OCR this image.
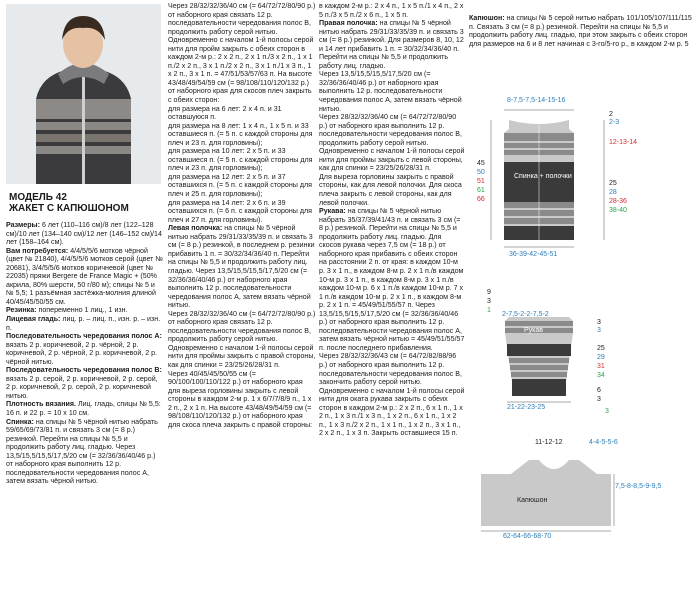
МОДЕЛЬ 42
ЖАКЕТ С КАПЮШОНОМ

Размеры: 6 лет (110–116 см)/8 лет (122–128 см)/10 лет (134–140 см)/12 лет (146–152 см)/14 лет (158–164 см).

Вам потребуется: 4/4/5/5/6 мотков чёрной (цвет № 21840), 4/4/5/5/6 мотков серой (цвет № 20681), 3/4/5/5/6 моткoв коричневой (цвет № 22035) пряжи Bergere de France Magic + (50% акрила, 80% шерсти, 50 г/80 м); спицы № 5 и № 5,5; 1 разъёмная застёжка-молния длиной 40/45/45/50/55 см.

Резинка: попеременно 1 лиц., 1 изн.

Лицевая гладь: лиц. р. – лиц. п., изн. р. – изн. п.

Последовательность чередования полос А: вязать 2 р. коричневой, 2 р. чёрной, 2 р. коричневой, 2 р. чёрной, 2 р. коричневой, 2 р. чёрной нитью.

Последовательность чередования полос В: вязать 2 р. серой, 2 р. коричневой, 2 р. серой, 2 р. коричневой, 2 р. серой, 2 р. коричневой нитью.

Плотность вязания. Лиц. гладь, спицы № 5,5: 16 п. и 22 р. = 10 х 10 см.

Спинка: на спицы № 5 чёрной нитью набрать 59/65/69/73/81 п. и связать 3 см (= 8 р.) резинкой. Перейти на спицы № 5,5 и продолжить работу лиц. гладью. Через 13,5/15,5/15,5/17,5/20 см (= 32/36/36/40/46 р.) от наборного края выполнить 12 р. последовательности чередования полос А, затем вязать чёрной нитью.

Через 28/32/32/36/40 см (= 64/72/72/80/90 р.) от наборного края связать 12 р. последовательности чередования полос В, продолжить работу серой нитью. Одновременно с началом 1-й полосы серой нити для пройм закрыть с обеих сторон в каждом 2-м р.: 2 х 2 п., 2 х 1 п./3 х 2 п., 1 х 1 п./2 х 2 п., 3 х 1 п./2 х 2 п., 3 х 1 п./1 х 3 п., 1 х 2 п., 3 х 1 п. = 47/51/53/57/63 п. На высоте 43/48/49/54/59 см (= 98/108/110/120/132 р.) от наборного края для скосов плеч закрыть с обеих сторон:

для размера на 6 лет: 2 х 4 п. и 31 оставшуюся п.

для размера на 8 лет: 1 х 4 п., 1 х 5 п. и 33 оставшиеся п. (= 5 п. с каждой стороны для плеч и 23 п. для горловины);

для размера на 10 лет: 2 х 5 п. и 33 оставшиеся п. (= 5 п. с каждой стороны для плеч и 23 п. для горловины);

для размера на 12 лет: 2 х 5 п. и 37 оставшихся п. (= 5 п. с каждой стороны для плеч и 25 п. для горловины);

для размера на 14 лет: 2 х 6 п. и 39 оставшихся п. (= 6 п. с каждой стороны для плеч и 27 п. для горловины).

Левая полочка: на спицы № 5 чёрной нитью набрать 29/31/33/35/39 п. и связать 3 см (= 8 р.) резинкой, в последнем р. резинки прибавить 1 п. = 30/32/34/36/40 п. Перейти на спицы № 5,5 и продолжить работу лиц. гладью. Через 13,5/15,5/15,5/17,5/20 см (= 32/36/36/40/46 р.) от наборного края выполнить 12 р. последовательности чередования полос А, затем вязать чёрной нитью.

Через 28/32/32/36/40 см (= 64/72/72/80/90 р.) от наборного края связать 12 р. последовательности чередования полос В, продолжить работу серой нитью. Одновременно с началом 1-й полосы серой нити для проймы закрыть с правой стороны, как для спинки = 23/25/26/28/31 п.

Через 40/45/45/50/55 см (= 90/100/100/110/122 р.) от наборного края для выреза горловины закрыть с левой стороны в каждом 2-м р. 1 х 6/7/7/8/9 п., 1 х 2 п., 2 х 1 п. На высоте 43/48/49/54/59 см (= 98/108/110/120/132 р.) от наборного края для скоса плеча закрыть с правой стороны:

в каждом 2-м р.: 2 х 4 п., 1 х 5 п./1 х 4 п., 2 х 5 п./3 х 5 п./2 х 6 п., 1 х 5 п.

Правая полочка: на спицы № 5 чёрной нитью набрать 29/31/33/35/39 п. и связать 3 см (= 8 р.) резинкой. Для размеров 8, 10, 12 и 14 лет прибавить 1 п. = 30/32/34/36/40 п. Перейти на спицы № 5,5 и продолжить работу лиц. гладью.

Через 13,5/15,5/15,5/17,5/20 см (= 32/36/36/40/46 р.) от наборного края выполнить 12 р. последовательности чередования полос А, затем вязать чёрной нитью.

Через 28/32/32/36/40 см (= 64/72/72/80/90 р.) от наборного края выполнить 12 р. последовательности чередования полос В, продолжить работу серой нитью. Одновременно с началом 1-й полосы серой нити для проймы закрыть с левой стороны, как для спинки = 23/25/26/28/31 п.

Для выреза горловины закрыть с правой стороны, как для левой полочки. Для скоса плеча закрыть с левой стороны, как для левой полочки.

Рукава: на спицы № 5 чёрной нитью набрать 35/37/39/41/43 п. и связать 3 см (= 8 р.) резинкой. Перейти на спицы № 5,5 и продолжить работу лиц. гладью. Для скосов рукава через 7,5 см (= 18 р.) от наборного края прибавить с обеих сторон на расстоянии 2 п. от края: в каждом 10-м р. 3 х 1 п., в каждом 8-м р. 2 х 1 п./в каждом 10-м р. 3 х 1 п., в каждом 8-м р. 3 х 1 п./в каждом 10-м р. 6 х 1 п./в каждом 10-м р. 7 х 1 п./в каждом 10-м р. 2 х 1 п., в каждом 8-м р. 2 х 1 п. = 45/49/51/55/57 п. Через 13,5/15,5/15,5/17,5/20 см (= 32/36/36/40/46 р.) от наборного края выполнить 12 р. последовательности чередования полос А, затем вязать чёрной нитью = 45/49/51/55/57 п. после последнего прибавления.

Через 28/32/32/36/43 см (= 64/72/82/88/96 р.) от наборного края выполнить 12 р. последовательности чередования полос В, закончить работу серой нитью. Одновременно с началом 1-й полосы серой нити для оката рукава закрыть с обеих сторон в каждом 2-м р.: 2 х 2 п., 6 х 1 п., 1 х 2 п., 1 х 3 п./1 х 3 п., 1 х 2 п., 6 х 1 п., 1 х 2 п., 1 х 3 п./2 х 2 п., 1 х 1 п., 1 х 2 п., 3 х 1 п., 2 х 2 п., 1 х 3 п. Закрыть оставшиеся 15 п.

Капюшон: на спицы № 5 серой нитью набрать 101/105/107/111/115 п. Связать 3 см (= 8 р.) резинкой. Перейти на спицы № 5,5 и продолжить работу лиц. гладью, при этом закрыть с обеих сторон для размеров на 6 и 8 лет начиная с 3-го/5-го р., в каждом 2-м р. 5

Спинка + полочки
8-7,5-7,5-14-15-16
36-39-42-45-51
45
50
51
61
66
2
2-3
12-13-14
25
28
28-36
38-40
Рукав
2-7,5-2-2-7,5-2
21-22-23-25
9
3
1
3
3
25
29
31
34
6
3
3
Капюшон
11-12-12	4-4-5-5-6
62-64-66-68-70
7,5-8-8,5-9-9,5
